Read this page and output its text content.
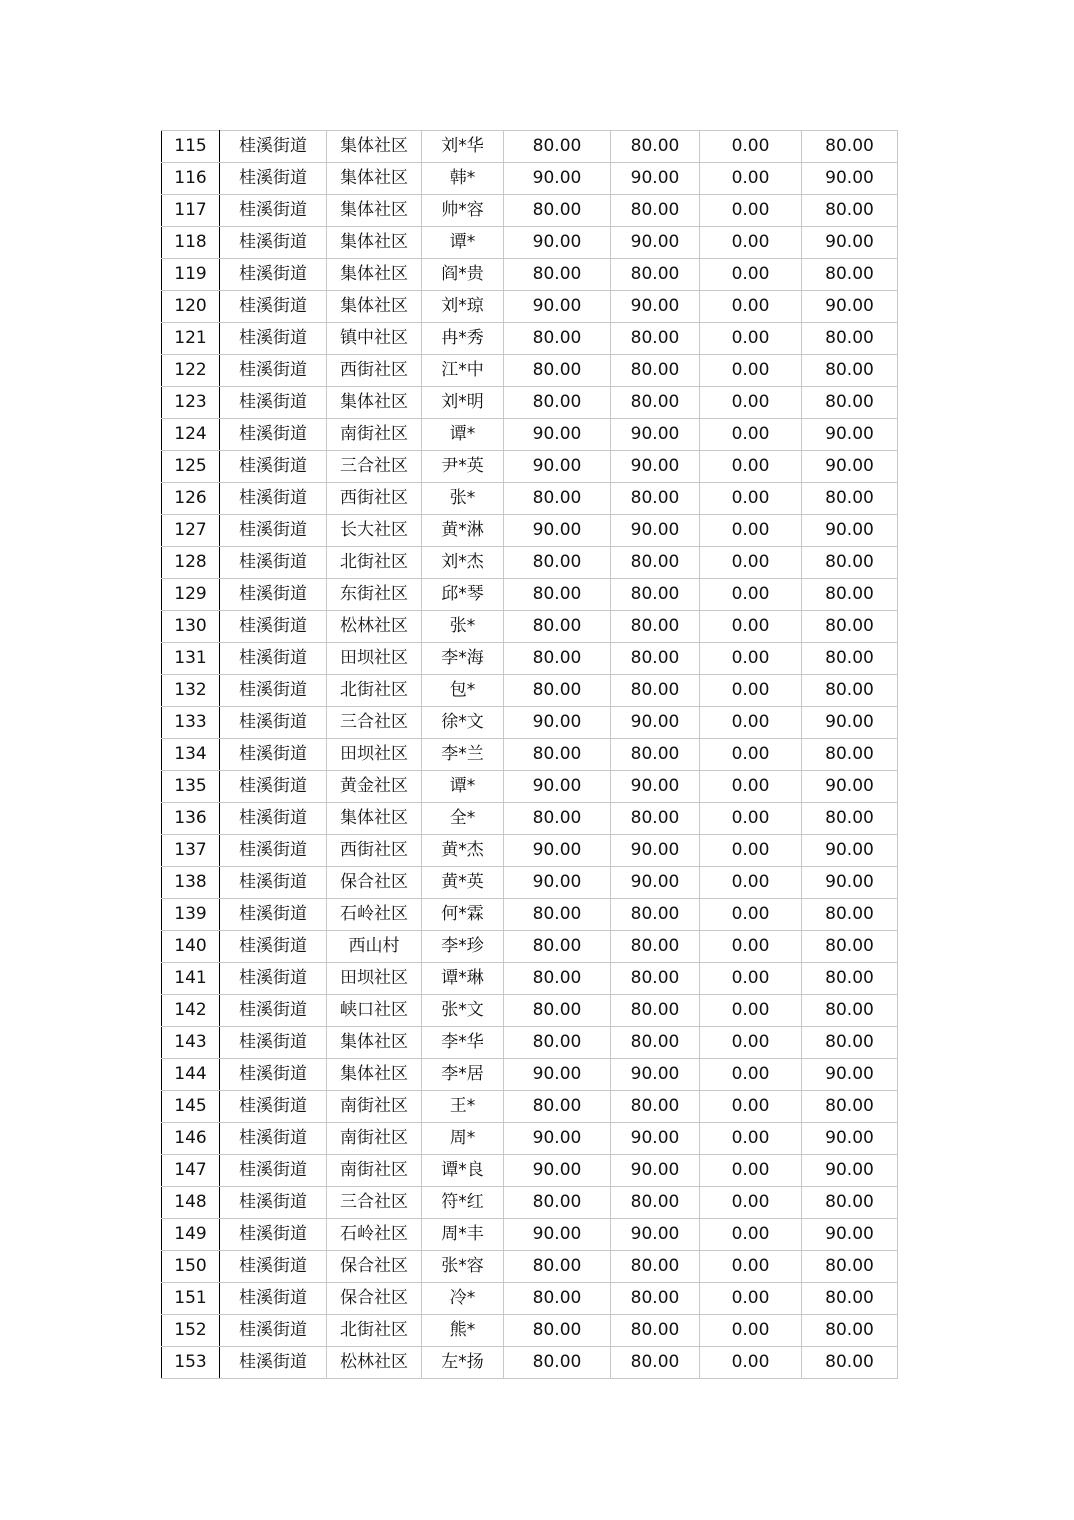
115	桂溪街道	集体社区	刘*华	80.00	80.00	0.00	80.00
116	桂溪街道	集体社区	韩*	90.00	90.00	0.00	90.00
117	桂溪街道	集体社区	帅*容	80.00	80.00	0.00	80.00
118	桂溪街道	集体社区	谭*	90.00	90.00	0.00	90.00
119	桂溪街道	集体社区	阎*贵	80.00	80.00	0.00	80.00
120	桂溪街道	集体社区	刘*琼	90.00	90.00	0.00	90.00
121	桂溪街道	镇中社区	冉*秀	80.00	80.00	0.00	80.00
122	桂溪街道	西街社区	江*中	80.00	80.00	0.00	80.00
123	桂溪街道	集体社区	刘*明	80.00	80.00	0.00	80.00
124	桂溪街道	南街社区	谭*	90.00	90.00	0.00	90.00
125	桂溪街道	三合社区	尹*英	90.00	90.00	0.00	90.00
126	桂溪街道	西街社区	张*	80.00	80.00	0.00	80.00
127	桂溪街道	长大社区	黄*淋	90.00	90.00	0.00	90.00
128	桂溪街道	北街社区	刘*杰	80.00	80.00	0.00	80.00
129	桂溪街道	东街社区	邱*琴	80.00	80.00	0.00	80.00
130	桂溪街道	松林社区	张*	80.00	80.00	0.00	80.00
131	桂溪街道	田坝社区	李*海	80.00	80.00	0.00	80.00
132	桂溪街道	北街社区	包*	80.00	80.00	0.00	80.00
133	桂溪街道	三合社区	徐*文	90.00	90.00	0.00	90.00
134	桂溪街道	田坝社区	李*兰	80.00	80.00	0.00	80.00
135	桂溪街道	黄金社区	谭*	90.00	90.00	0.00	90.00
136	桂溪街道	集体社区	全*	80.00	80.00	0.00	80.00
137	桂溪街道	西街社区	黄*杰	90.00	90.00	0.00	90.00
138	桂溪街道	保合社区	黄*英	90.00	90.00	0.00	90.00
139	桂溪街道	石岭社区	何*霖	80.00	80.00	0.00	80.00
140	桂溪街道	西山村	李*珍	80.00	80.00	0.00	80.00
141	桂溪街道	田坝社区	谭*琳	80.00	80.00	0.00	80.00
142	桂溪街道	峡口社区	张*文	80.00	80.00	0.00	80.00
143	桂溪街道	集体社区	李*华	80.00	80.00	0.00	80.00
144	桂溪街道	集体社区	李*居	90.00	90.00	0.00	90.00
145	桂溪街道	南街社区	王*	80.00	80.00	0.00	80.00
146	桂溪街道	南街社区	周*	90.00	90.00	0.00	90.00
147	桂溪街道	南街社区	谭*良	90.00	90.00	0.00	90.00
148	桂溪街道	三合社区	符*红	80.00	80.00	0.00	80.00
149	桂溪街道	石岭社区	周*丰	90.00	90.00	0.00	90.00
150	桂溪街道	保合社区	张*容	80.00	80.00	0.00	80.00
151	桂溪街道	保合社区	冷*	80.00	80.00	0.00	80.00
152	桂溪街道	北街社区	熊*	80.00	80.00	0.00	80.00
153	桂溪街道	松林社区	左*扬	80.00	80.00	0.00	80.00
